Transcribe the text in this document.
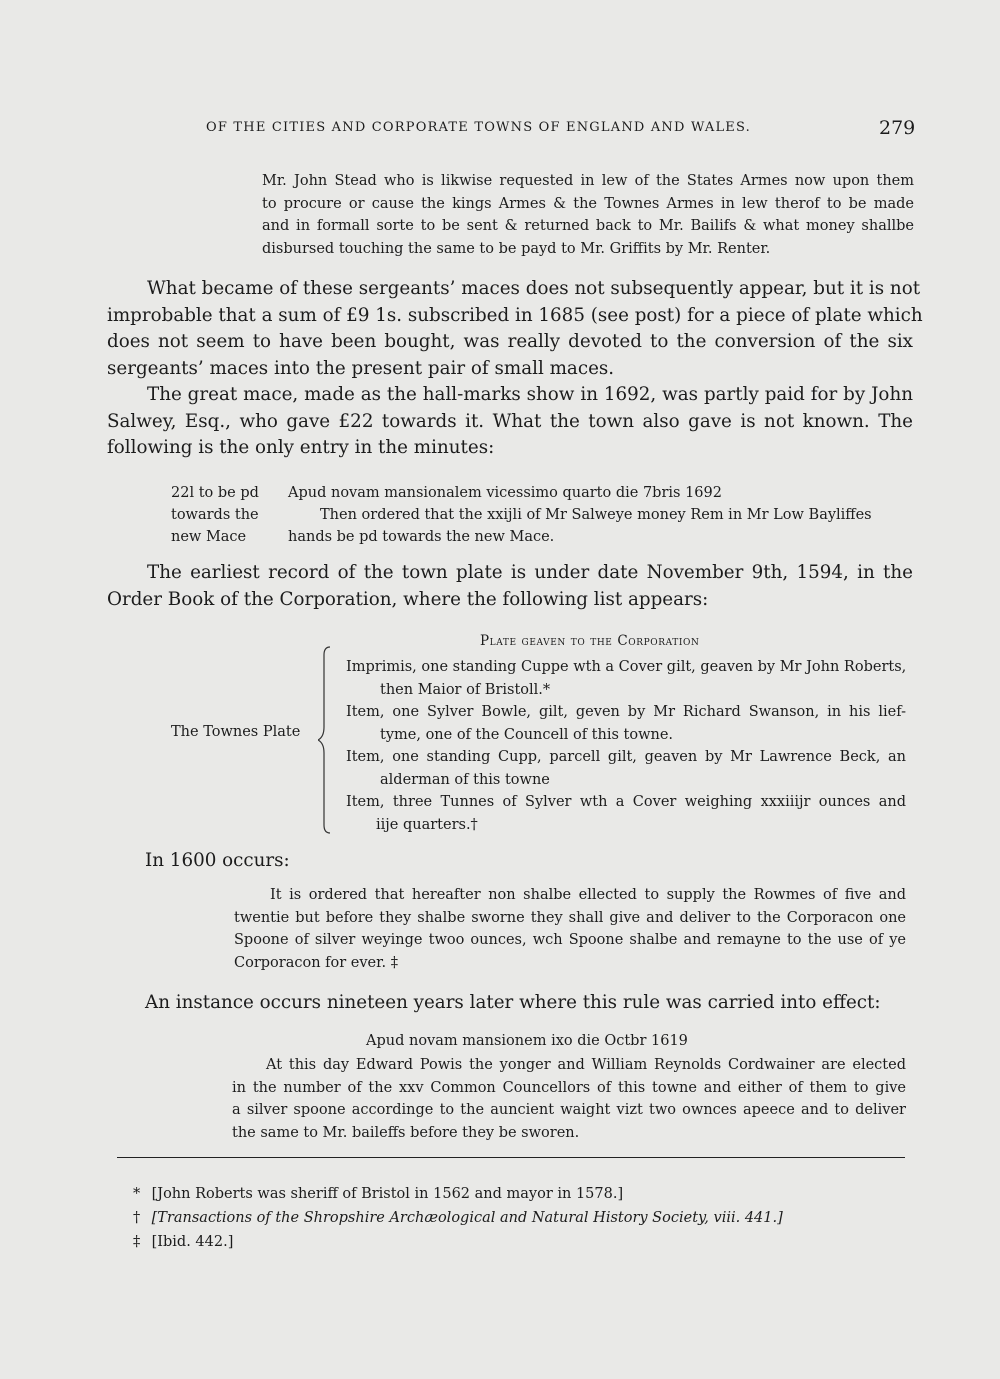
OF THE CITIES AND CORPORATE TOWNS OF ENGLAND AND WALES.	279
Mr. John Stead who is likwise requested in lew of the States Armes now upon them
to procure or cause the kings Armes & the Townes Armes in lew therof to be made
and in formall sorte to be sent & returned back to Mr. Bailifs & what money shallbe
disbursed touching the same to be payd to Mr. Griffits by Mr. Renter.
What became of these sergeants’ maces does not subsequently appear, but it is not
improbable that a sum of £9 1s. subscribed in 1685 (see post) for a piece of plate which
does not seem to have been bought, was really devoted to the conversion of the six
sergeants’ maces into the present pair of small maces.
The great mace, made as the hall-marks show in 1692, was partly paid for by John
Salwey, Esq., who gave £22 towards it. What the town also gave is not known. The
following is the only entry in the minutes:
22l to be pd
towards the
new Mace
Apud novam mansionalem vicessimo quarto die 7bris 1692
Then ordered that the xxijli of Mr Salweye money Rem in Mr Low Bayliffes
hands be pd towards the new Mace.
The earliest record of the town plate is under date November 9th, 1594, in the
Order Book of the Corporation, where the following list appears:
Plate geaven to the Corporation
The Townes Plate
Imprimis, one standing Cuppe wth a Cover gilt, geaven by Mr John Roberts,
then Maior of Bristoll.*
Item, one Sylver Bowle, gilt, geven by Mr Richard Swanson, in his lief-
tyme, one of the Councell of this towne.
Item, one standing Cupp, parcell gilt, geaven by Mr Lawrence Beck, an
alderman of this towne
Item, three Tunnes of Sylver wth a Cover weighing xxxiiijr ounces and
iije quarters.†
In 1600 occurs:
It is ordered that hereafter non shalbe ellected to supply the Rowmes of five and
twentie but before they shalbe sworne they shall give and deliver to the Corporacon one
Spoone of silver weyinge twoo ounces, wch Spoone shalbe and remayne to the use of ye
Corporacon for ever. ‡
An instance occurs nineteen years later where this rule was carried into effect:
Apud novam mansionem ixo die Octbr 1619
At this day Edward Powis the yonger and William Reynolds Cordwainer are elected
in the number of the xxv Common Councellors of this towne and either of them to give
a silver spoone accordinge to the auncient waight vizt two ownces apeece and to deliver
the same to Mr. baileffs before they be sworen.
* [John Roberts was sheriff of Bristol in 1562 and mayor in 1578.]
† [Transactions of the Shropshire Archæological and Natural History Society, viii. 441.]
‡ [Ibid. 442.]
